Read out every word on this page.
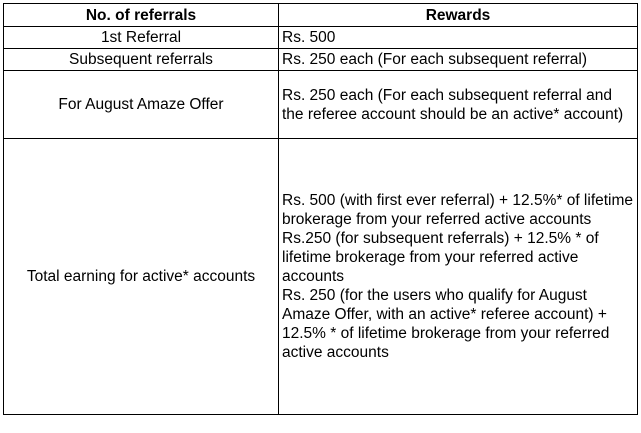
No. of referrals	Rewards
1st Referral	Rs. 500

Subsequent referrals	Rs. 250 each (For each subsequent referral)

For August Amaze Offer	Rs. 250 each (For each subsequent referral and the referee account should be an active* account)

Total earning for active* accounts	Rs. 500 (with first ever referral) + 12.5%* of lifetime brokerage from your referred active accounts
Rs.250 (for subsequent referrals) + 12.5% * of lifetime brokerage from your referred active accounts
Rs. 250 (for the users who qualify for August Amaze Offer, with an active* referee account) + 12.5% * of lifetime brokerage from your referred active accounts
